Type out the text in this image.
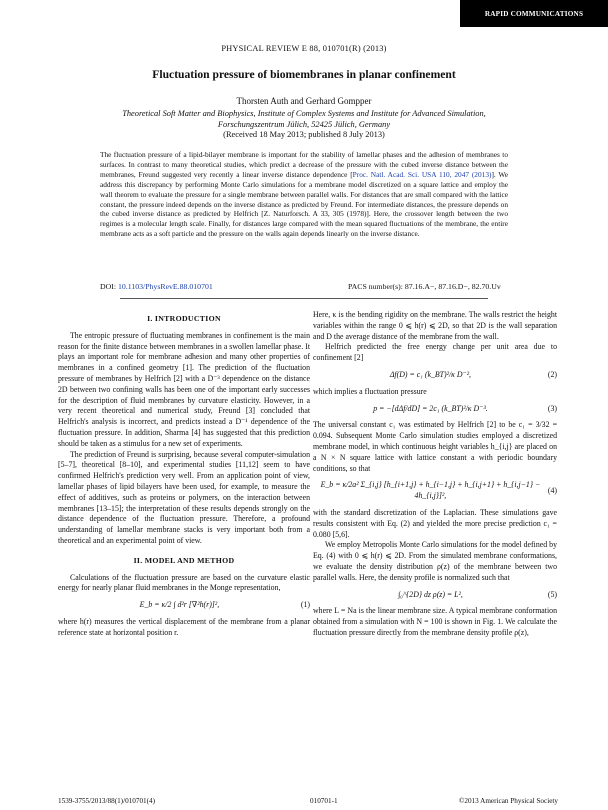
RAPID COMMUNICATIONS
PHYSICAL REVIEW E 88, 010701(R) (2013)
Fluctuation pressure of biomembranes in planar confinement
Thorsten Auth and Gerhard Gompper
Theoretical Soft Matter and Biophysics, Institute of Complex Systems and Institute for Advanced Simulation,
Forschungszentrum Jülich, 52425 Jülich, Germany
(Received 18 May 2013; published 8 July 2013)
The fluctuation pressure of a lipid-bilayer membrane is important for the stability of lamellar phases and the adhesion of membranes to surfaces. In contrast to many theoretical studies, which predict a decrease of the pressure with the cubed inverse distance between the membranes, Freund suggested very recently a linear inverse distance dependence [Proc. Natl. Acad. Sci. USA 110, 2047 (2013)]. We address this discrepancy by performing Monte Carlo simulations for a membrane model discretized on a square lattice and employ the wall theorem to evaluate the pressure for a single membrane between parallel walls. For distances that are small compared with the lattice constant, the pressure indeed depends on the inverse distance as predicted by Freund. For intermediate distances, the pressure depends on the cubed inverse distance as predicted by Helfrich [Z. Naturforsch. A 33, 305 (1978)]. Here, the crossover length between the two regimes is a molecular length scale. Finally, for distances large compared with the mean squared fluctuations of the membrane, the entire membrane acts as a soft particle and the pressure on the walls again depends linearly on the inverse distance.
DOI: 10.1103/PhysRevE.88.010701	PACS number(s): 87.16.A−, 87.16.D−, 82.70.Uv
I. INTRODUCTION

The entropic pressure of fluctuating membranes in confinement is the main reason for the finite distance between membranes in a swollen lamellar phase. It plays an important role for membrane adhesion and many other properties of membranes in a confined geometry [1]. The prediction of the fluctuation pressure of membranes by Helfrich [2] with a D⁻³ dependence on the distance 2D between two confining walls has been one of the important early successes for the description of fluid membranes by curvature elasticity. However, in a very recent theoretical and numerical study, Freund [3] concluded that Helfrich's analysis is incorrect, and predicts instead a D⁻¹ dependence of the fluctuation pressure. In addition, Sharma [4] has suggested that this prediction should be taken as a stimulus for a new set of experiments.

The prediction of Freund is surprising, because several computer-simulation [5–7], theoretical [8–10], and experimental studies [11,12] seem to have confirmed Helfrich's prediction very well. From an application point of view, lamellar phases of lipid bilayers have been used, for example, to measure the effect of additives, such as proteins or polymers, on the interaction between membranes [13–15]; the interpretation of these results depends strongly on the distance dependence of the fluctuation pressure. Therefore, a profound understanding of lamellar membrane stacks is very important both from a theoretical and an experimental point of view.

II. MODEL AND METHOD

Calculations of the fluctuation pressure are based on the curvature elastic energy for nearly planar fluid membranes in the Monge representation,

E_b = κ/2 ∫ d²r [∇²h(r)]²,	(1)

where h(r) measures the vertical displacement of the membrane from a planar reference state at horizontal position r.

Here, κ is the bending rigidity on the membrane. The walls restrict the height variables within the range 0 ⩽ h(r) ⩽ 2D, so that 2D is the wall separation and D the average distance of the membrane from the wall.

Helfrich predicted the free energy change per unit area due to confinement [2]

Δf(D) = c₁ (k_BT)²/κ D⁻²,	(2)

which implies a fluctuation pressure

p = −[dΔf/dD] = 2c₁ (k_BT)²/κ D⁻³.	(3)

The universal constant c₁ was estimated by Helfrich [2] to be c₁ = 3/32 = 0.094. Subsequent Monte Carlo simulation studies employed a discretized membrane model, in which continuous height variables h_{i,j} are placed on a N × N square lattice with lattice constant a with periodic boundary conditions, so that

E_b = κ/2a² Σ_{i,j} [h_{i+1,j} + h_{i−1,j} + h_{i,j+1} + h_{i,j−1} − 4h_{i,j}]²,
(4)

with the standard discretization of the Laplacian. These simulations gave results consistent with Eq. (2) and yielded the more precise prediction c₁ = 0.080 [5,6].

We employ Metropolis Monte Carlo simulations for the model defined by Eq. (4) with 0 ⩽ h(r) ⩽ 2D. From the simulated membrane conformations, we evaluate the density distribution ρ(z) of the membrane between two parallel walls. Here, the density profile is normalized such that

∫₀^{2D} dz ρ(z) = L²,	(5)

where L = Na is the linear membrane size. A typical membrane conformation obtained from a simulation with N = 100 is shown in Fig. 1. We calculate the fluctuation pressure directly from the membrane density profile ρ(z),

1539-3755/2013/88(1)/010701(4)	010701-1	©2013 American Physical Society
